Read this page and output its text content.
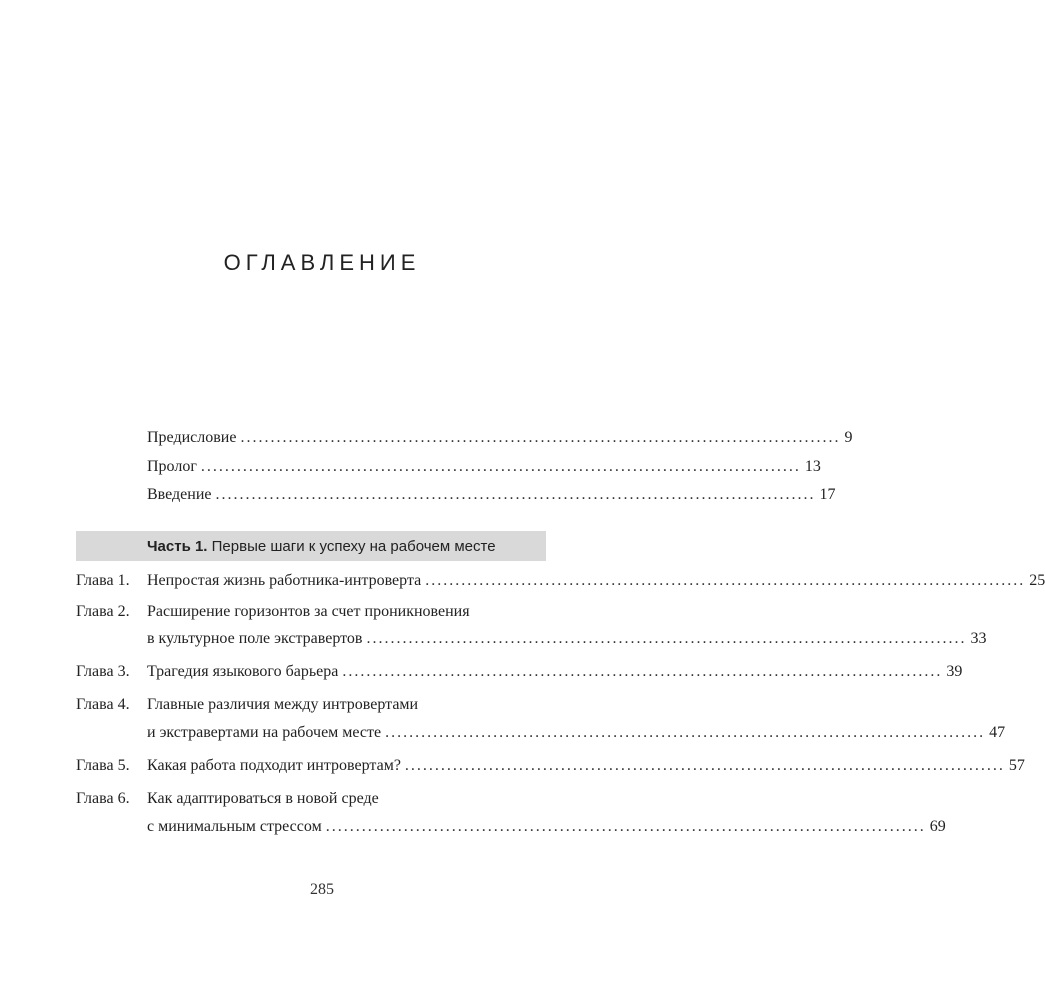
ОГЛАВЛЕНИЕ
Предисловие .................................................................................................... 9
Пролог .................................................................................................... 13
Введение .................................................................................................... 17
Часть 1. Первые шаги к успеху на рабочем месте
Глава 1. Непростая жизнь работника-интроверта .................................................................................................... 25
Глава 2. Расширение горизонтов за счет проникновения
в культурное поле экстравертов .................................................................................................... 33
Глава 3. Трагедия языкового барьера .................................................................................................... 39
Глава 4. Главные различия между интровертами
и экстравертами на рабочем месте .................................................................................................... 47
Глава 5. Какая работа подходит интровертам? .................................................................................................... 57
Глава 6. Как адаптироваться в новой среде
с минимальным стрессом .................................................................................................... 69
285
